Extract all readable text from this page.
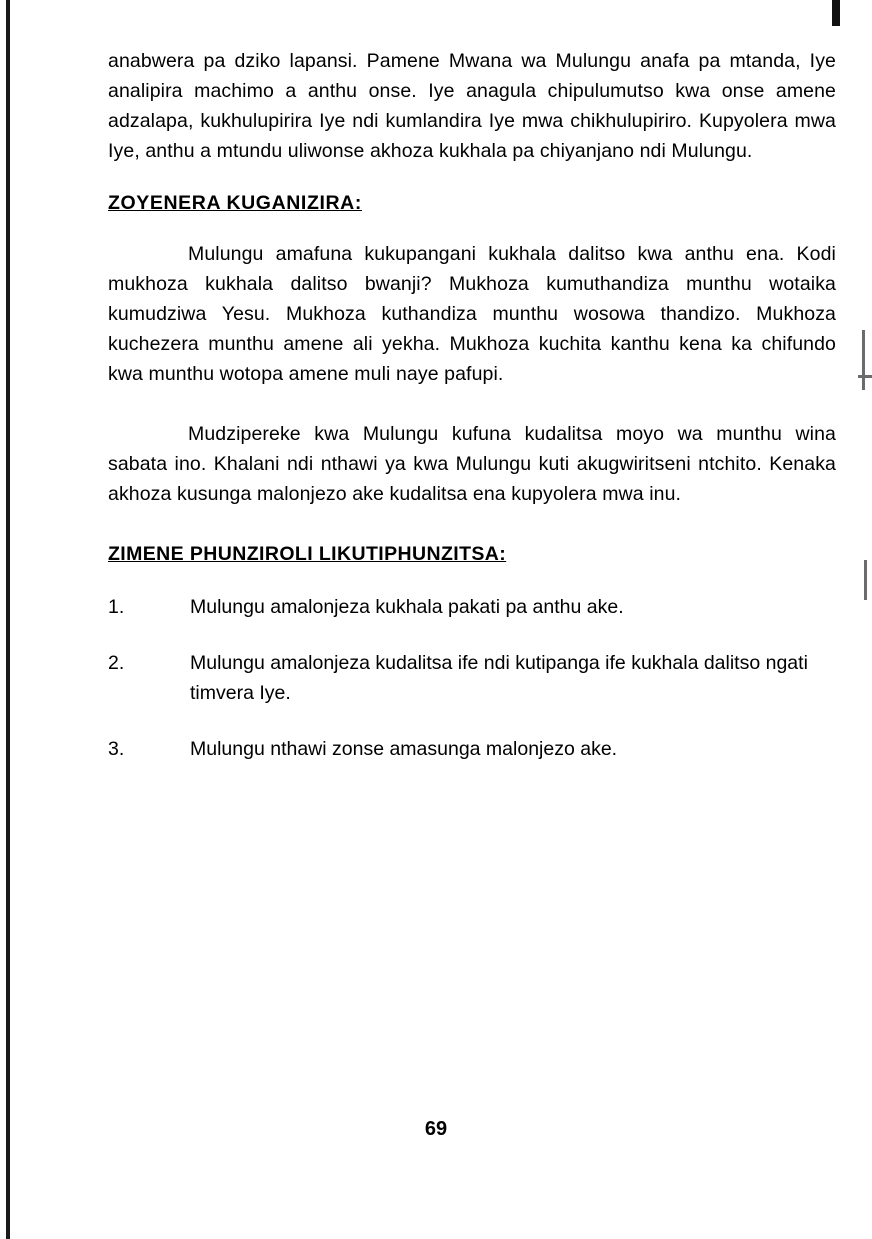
anabwera pa dziko lapansi. Pamene Mwana wa Mulungu anafa pa mtanda, Iye analipira machimo a anthu onse. Iye anagula chipulumutso kwa onse amene adzalapa, kukhulupirira Iye ndi kumlandira Iye mwa chikhulupiriro. Kupyolera mwa Iye, anthu a mtundu uliwonse akhoza kukhala pa chiyanjano ndi Mulungu.

ZOYENERA KUGANIZIRA:

Mulungu amafuna kukupangani kukhala dalitso kwa anthu ena. Kodi mukhoza kukhala dalitso bwanji? Mukhoza kumuthandiza munthu wotaika kumudziwa Yesu. Mukhoza kuthandiza munthu wosowa thandizo. Mukhoza kuchezera munthu amene ali yekha. Mukhoza kuchita kanthu kena ka chifundo kwa munthu wotopa amene muli naye pafupi.

Mudzipereke kwa Mulungu kufuna kudalitsa moyo wa munthu wina sabata ino. Khalani ndi nthawi ya kwa Mulungu kuti akugwiritseni ntchito. Kenaka akhoza kusunga malonjezo ake kudalitsa ena kupyolera mwa inu.

ZIMENE PHUNZIROLI LIKUTIPHUNZITSA:
1.	Mulungu amalonjeza kukhala pakati pa anthu ake.
2.	Mulungu amalonjeza kudalitsa ife ndi kutipanga ife kukhala dalitso ngati timvera Iye.
3.	Mulungu nthawi zonse amasunga malonjezo ake.
69
